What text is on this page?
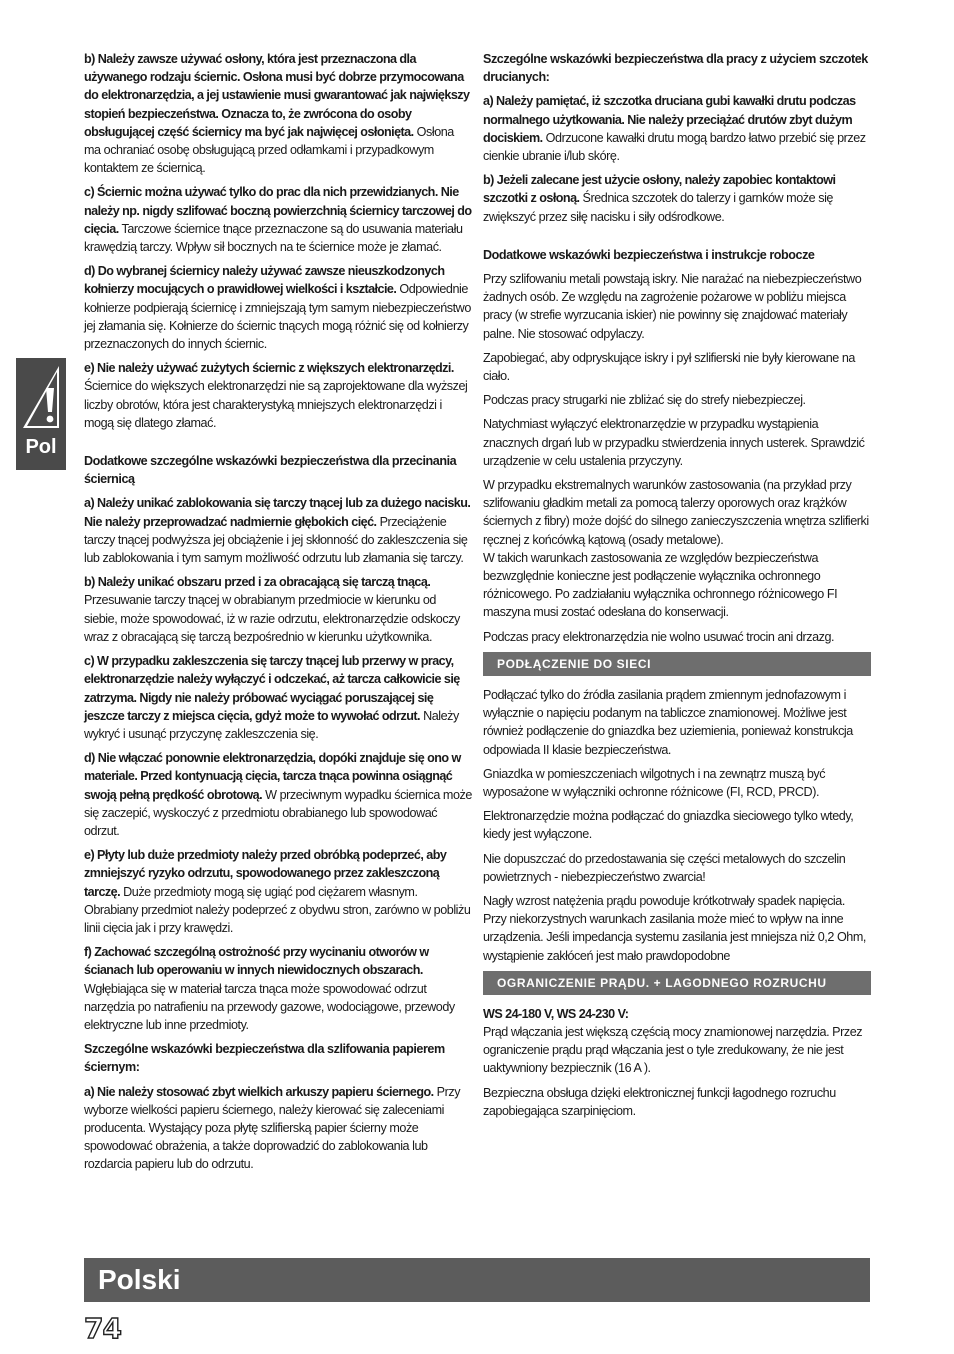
Pol

b) Należy zawsze używać osłony, która jest przeznaczona dla używanego rodzaju ściernic. Osłona musi być dobrze przymocowana do elektronarzędzia, a jej ustawienie musi gwarantować jak największy stopień bezpieczeństwa. Oznacza to, że zwrócona do osoby obsługującej część ściernicy ma być jak najwięcej osłonięta. Osłona ma ochraniać osobę obsługującą przed odłamkami i przypadkowym kontaktem ze ściernicą.

c) Ściernic można używać tylko do prac dla nich przewidzianych. Nie należy np. nigdy szlifować boczną powierzchnią ściernicy tarczowej do cięcia. Tarczowe ściernice tnące przeznaczone są do usuwania materiału krawędzią tarczy. Wpływ sił bocznych na te ściernice może je złamać.

d) Do wybranej ściernicy należy używać zawsze nieuszkodzonych kołnierzy mocujących o prawidłowej wielkości i kształcie. Odpowiednie kołnierze podpierają ściernicę i zmniejszają tym samym niebezpieczeństwo jej złamania się. Kołnierze do ściernic tnących mogą różnić się od kołnierzy przeznaczonych do innych ściernic.

e) Nie należy używać zużytych ściernic z większych elektronarzędzi. Ściernice do większych elektronarzędzi nie są zaprojektowane dla wyższej liczby obrotów, która jest charakterystyką mniejszych elektronarzędzi i mogą się dlatego złamać.

Dodatkowe szczególne wskazówki bezpieczeństwa dla przecinania ściernicą

a) Należy unikać zablokowania się tarczy tnącej lub za dużego nacisku. Nie należy przeprowadzać nadmiernie głębokich cięć. Przeciążenie tarczy tnącej podwyższa jej obciążenie i jej skłonność do zakleszczenia się lub zablokowania i tym samym możliwość odrzutu lub złamania się tarczy.

b) Należy unikać obszaru przed i za obracającą się tarczą tnącą. Przesuwanie tarczy tnącej w obrabianym przedmiocie w kierunku od siebie, może spowodować, iż w razie odrzutu, elektronarzędzie odskoczy wraz z obracającą się tarczą bezpośrednio w kierunku użytkownika.

c) W przypadku zakleszczenia się tarczy tnącej lub przerwy w pracy, elektronarzędzie należy wyłączyć i odczekać, aż tarcza całkowicie się zatrzyma. Nigdy nie należy próbować wyciągać poruszającej się jeszcze tarczy z miejsca cięcia, gdyż może to wywołać odrzut. Należy wykryć i usunąć przyczynę zakleszczenia się.

d) Nie włączać ponownie elektronarzędzia, dopóki znajduje się ono w materiale. Przed kontynuacją cięcia, tarcza tnąca powinna osiągnąć swoją pełną prędkość obrotową. W przeciwnym wypadku ściernica może się zaczepić, wyskoczyć z przedmiotu obrabianego lub spowodować odrzut.

e) Płyty lub duże przedmioty należy przed obróbką podeprzeć, aby zmniejszyć ryzyko odrzutu, spowodowanego przez zakleszczoną tarczę. Duże przedmioty mogą się ugiąć pod ciężarem własnym. Obrabiany przedmiot należy podeprzeć z obydwu stron, zarówno w pobliżu linii cięcia jak i przy krawędzi.

f) Zachować szczególną ostrożność przy wycinaniu otworów w ścianach lub operowaniu w innych niewidocznych obszarach. Wgłębiająca się w materiał tarcza tnąca może spowodować odrzut narzędzia po natrafieniu na przewody gazowe, wodociągowe, przewody elektryczne lub inne przedmioty.

Szczególne wskazówki bezpieczeństwa dla szlifowania papierem ściernym:

a) Nie należy stosować zbyt wielkich arkuszy papieru ściernego. Przy wyborze wielkości papieru ściernego, należy kierować się zaleceniami producenta. Wystający poza płytę szlifierską papier ścierny może spowodować obrażenia, a także doprowadzić do zablokowania lub rozdarcia papieru lub do odrzutu.

Szczególne wskazówki bezpieczeństwa dla pracy z użyciem szczotek drucianych:

a) Należy pamiętać, iż szczotka druciana gubi kawałki drutu podczas normalnego użytkowania. Nie należy przeciążać drutów zbyt dużym dociskiem. Odrzucone kawałki drutu mogą bardzo łatwo przebić się przez cienkie ubranie i/lub skórę.

b) Jeżeli zalecane jest użycie osłony, należy zapobiec kontaktowi szczotki z osłoną. Średnica szczotek do talerzy i garnków może się zwiększyć przez siłę nacisku i siły odśrodkowe.

Dodatkowe wskazówki bezpieczeństwa i instrukcje robocze

Przy szlifowaniu metali powstają iskry. Nie narażać na niebezpieczeństwo żadnych osób. Ze względu na zagrożenie pożarowe w pobliżu miejsca pracy (w strefie wyrzucania iskier) nie powinny się znajdować materiały palne. Nie stosować odpylaczy.

Zapobiegać, aby odpryskujące iskry i pył szlifierski nie były kierowane na ciało.

Podczas pracy strugarki nie zbliżać się do strefy niebezpieczej.

Natychmiast wyłączyć elektronarzędzie w przypadku wystąpienia znacznych drgań lub w przypadku stwierdzenia innych usterek. Sprawdzić urządzenie w celu ustalenia przyczyny.

W przypadku ekstremalnych warunków zastosowania (na przykład przy szlifowaniu gładkim metali za pomocą talerzy oporowych oraz krążków ściernych z fibry) może dojść do silnego zanieczyszczenia wnętrza szlifierki ręcznej z końcówką kątową (osady metalowe).
W takich warunkach zastosowania ze względów bezpieczeństwa bezwzględnie konieczne jest podłączenie wyłącznika ochronnego różnicowego. Po zadziałaniu wyłącznika ochronnego różnicowego FI maszyna musi zostać odesłana do konserwacji.

Podczas pracy elektronarzędzia nie wolno usuwać trocin ani drzazg.

PODŁĄCZENIE DO SIECI

Podłączać tylko do źródła zasilania prądem zmiennym jednofazowym i wyłącznie o napięciu podanym na tabliczce znamionowej. Możliwe jest również podłączenie do gniazdka bez uziemienia, ponieważ konstrukcja odpowiada II klasie bezpieczeństwa.

Gniazdka w pomieszczeniach wilgotnych i na zewnątrz muszą być wyposażone w wyłączniki ochronne różnicowe (FI, RCD, PRCD).

Elektronarzędzie można podłączać do gniazdka sieciowego tylko wtedy, kiedy jest wyłączone.

Nie dopuszczać do przedostawania się części metalowych do szczelin powietrznych - niebezpieczeństwo zwarcia!

Nagły wzrost natężenia prądu powoduje krótkotrwały spadek napięcia. Przy niekorzystnych warunkach zasilania może mieć to wpływ na inne urządzenia. Jeśli impedancja systemu zasilania jest mniejsza niż 0,2 Ohm, wystąpienie zakłóceń jest mało prawdopodobne

OGRANICZENIE PRĄDU. + LAGODNEGO ROZRUCHU

WS 24-180 V, WS 24-230 V:
Prąd włączania jest większą częścią mocy znamionowej narzędzia. Przez ograniczenie prądu prąd włączania jest o tyle zredukowany, że nie jest uaktywniony bezpiecznik (16 A ).

Bezpieczna obsługa dzięki elektronicznej funkcji łagodnego rozruchu zapobiegająca szarpinięciom.

Polski
74
